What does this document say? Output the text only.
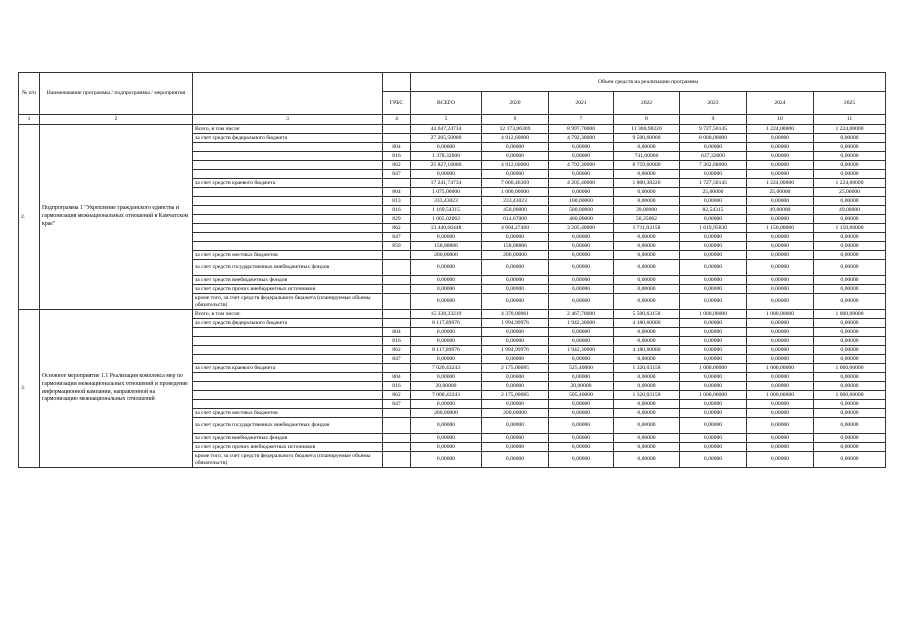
№ п/п	Наименование программы / подпрограммы / мероприятия			Объем средств на реализацию программы						
			ГРБС	ВСЕГО	2020	2021	2022	2023	2024	2025
1	2	3	4	5	6	7	8	9	10	11
2.	Подпрограмма 1 "Укрепление гражданского единства и гармонизация межнациональных отношений в Камчатском крае"	Всего, в том числе:		44 647,24734	12 173,06369	8 997,70000	11 300,98220	9 727,50145	1 224,00000	1 224,00000
		за счет средств федерального бюджета		27 205,50000	4 912,60000	4 792,30000	9 500,60000	8 000,00000	0,00000	0,00000
			804	0,00000	0,00000	0,00000	0,00000	0,00000	0,00000	0,00000
			816	1 378,32000	0,00000	0,00000	741,00000	637,32000	0,00000	0,00000
			862	25 827,18000	4 912,60000	4 792,30000	8 759,60000	7 362,68000	0,00000	0,00000
			847	0,00000	0,00000	0,00000	0,00000	0,00000	0,00000	0,00000
		за счет средств краевого бюджета		17 241,74734	7 060,46369	4 205,40000	1 800,38220	1 727,50145	1 224,00000	1 224,00000
			804	1 075,00000	1 000,00000	0,00000	0,00000	25,00000	25,00000	25,00000
			813	333,43023	233,43023	100,00000	0,00000	0,00000	0,00000	0,00000
			816	1 169,54315	450,00000	500,00000	39,00000	82,54315	49,00000	49,00000
			829	1 065,02062	614,67000	400,00000	50,35062	0,00000	0,00000	0,00000
			862	13 440,66448	4 604,27460	3 205,40000	1 711,03158	1 619,95830	1 150,00000	1 150,00000
			847	0,00000	0,00000	0,00000	0,00000	0,00000	0,00000	0,00000
			859	158,08886	158,08886	0,00000	0,00000	0,00000	0,00000	0,00000
		за счет средств местных бюджетов		200,00000	200,00000	0,00000	0,00000	0,00000	0,00000	0,00000
		за счет средств государственных внебюджетных фондов		0,00000	0,00000	0,00000	0,00000	0,00000	0,00000	0,00000
		за счет средств внебюджетных фондов		0,00000	0,00000	0,00000	0,00000	0,00000	0,00000	0,00000
		за счет средств прочих внебюджетных источников		0,00000	0,00000	0,00000	0,00000	0,00000	0,00000	0,00000
		кроме того, за счет средств федерального бюджета (планируемые объемы обязательств)		0,00000	0,00000	0,00000	0,00000	0,00000	0,00000	0,00000
3.	Основное мероприятие 1.1 Реализация комплекса мер по гармонизации межнациональных отношений и проведение информационной кампании, направленной на гармонизацию межнациональных отношений	Всего, в том числе:		15 338,33219	4 370,00061	2 467,70000	5 500,63158	1 000,00000	1 000,00000	1 000,00000
		за счет средств федерального бюджета		8 117,89976	1 994,99976	1 942,30000	4 180,60000	0,00000	0,00000	0,00000
			804	0,00000	0,00000	0,00000	0,00000	0,00000	0,00000	0,00000
			816	0,00000	0,00000	0,00000	0,00000	0,00000	0,00000	0,00000
			862	8 117,89976	1 994,99976	1 942,30000	4 180,60000	0,00000	0,00000	0,00000
			847	0,00000	0,00000	0,00000	0,00000	0,00000	0,00000	0,00000
		за счет средств краевого бюджета		7 020,43243	2 175,00085	525,40000	1 320,03158	1 000,00000	1 000,00000	1 000,00000
			804	0,00000	0,00000	0,00000	0,00000	0,00000	0,00000	0,00000
			816	20,00000	0,00000	20,00000	0,00000	0,00000	0,00000	0,00000
			862	7 000,43243	2 175,00085	505,40000	1 320,03158	1 000,00000	1 000,00000	1 000,00000
			847	0,00000	0,00000	0,00000	0,00000	0,00000	0,00000	0,00000
		за счет средств местных бюджетов		200,00000	200,00000	0,00000	0,00000	0,00000	0,00000	0,00000
		за счет средств государственных внебюджетных фондов		0,00000	0,00000	0,00000	0,00000	0,00000	0,00000	0,00000
		за счет средств внебюджетных фондов		0,00000	0,00000	0,00000	0,00000	0,00000	0,00000	0,00000
		за счет средств прочих внебюджетных источников		0,00000	0,00000	0,00000	0,00000	0,00000	0,00000	0,00000
		кроме того, за счет средств федерального бюджета (планируемые объемы обязательств)		0,00000	0,00000	0,00000	0,00000	0,00000	0,00000	0,00000
